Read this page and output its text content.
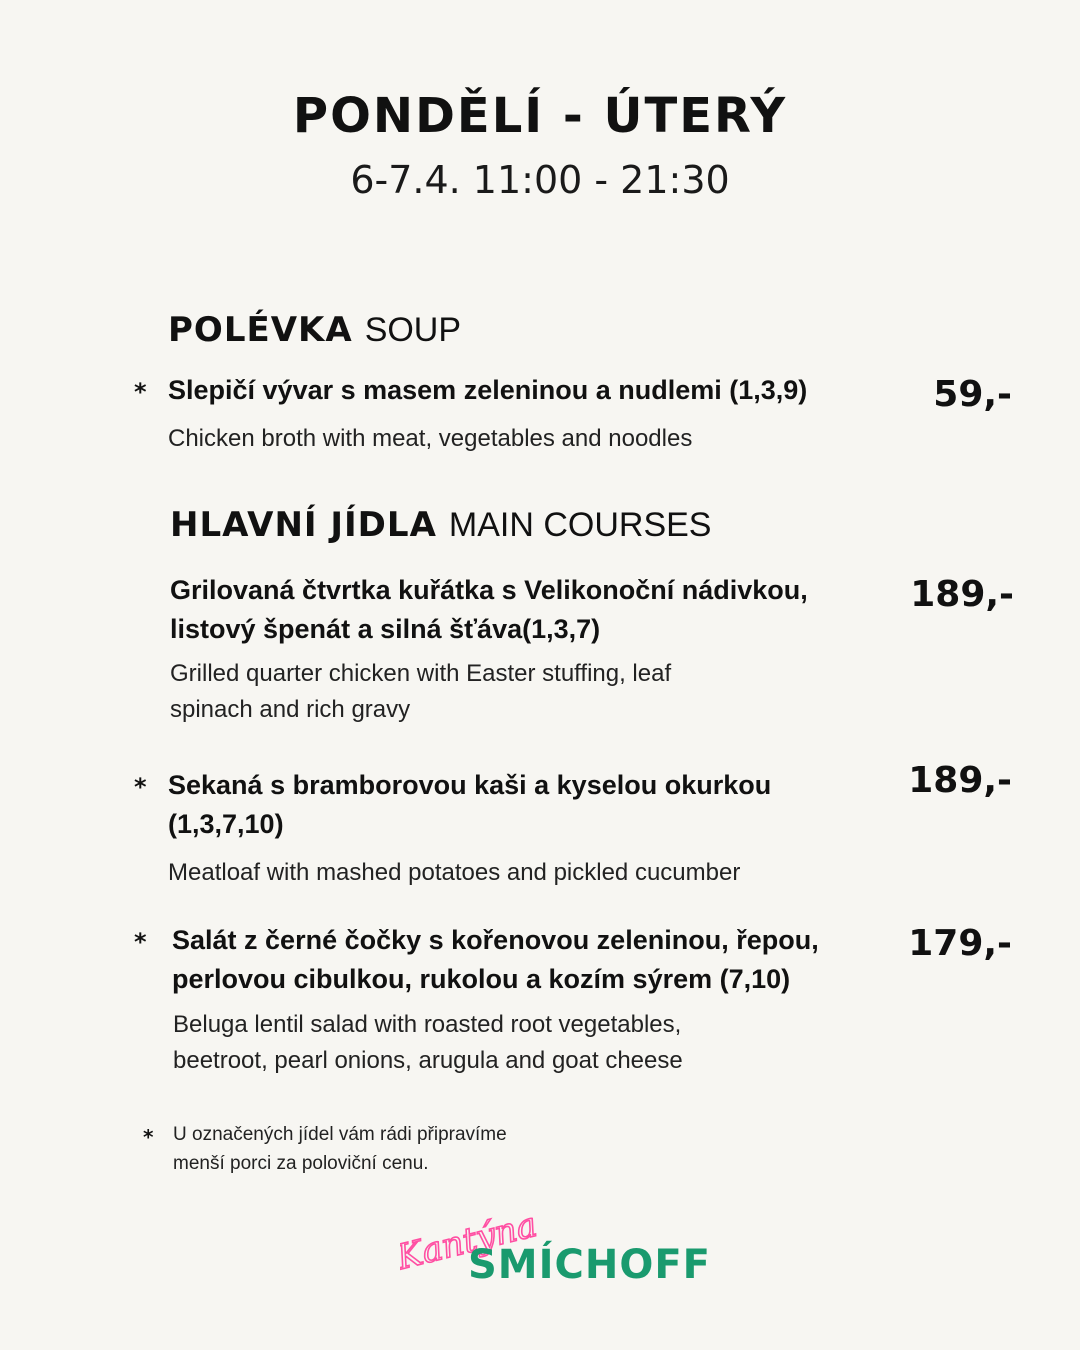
PONDĚLÍ - ÚTERÝ
6-7.4. 11:00 - 21:30
POLÉVKA SOUP
* Slepičí vývar s masem zeleninou a nudlemi (1,3,9)
Chicken broth with meat, vegetables and noodles
59,-
HLAVNÍ JÍDLA MAIN COURSES
Grilovaná čtvrtka kuřátka s Velikonoční nádivkou,
listový špenát a silná šťáva(1,3,7)
Grilled quarter chicken with Easter stuffing, leaf
spinach and rich gravy
189,-
* Sekaná s bramborovou kaši a kyselou okurkou
(1,3,7,10)
Meatloaf with mashed potatoes and pickled cucumber
189,-
* Salát z černé čočky s kořenovou zeleninou, řepou,
perlovou cibulkou, rukolou a kozím sýrem (7,10)
Beluga lentil salad with roasted root vegetables,
beetroot, pearl onions, arugula and goat cheese
179,-
* U označených jídel vám rádi připravíme
menší porci za poloviční cenu.
Kantýna
SMÍCHOFF
